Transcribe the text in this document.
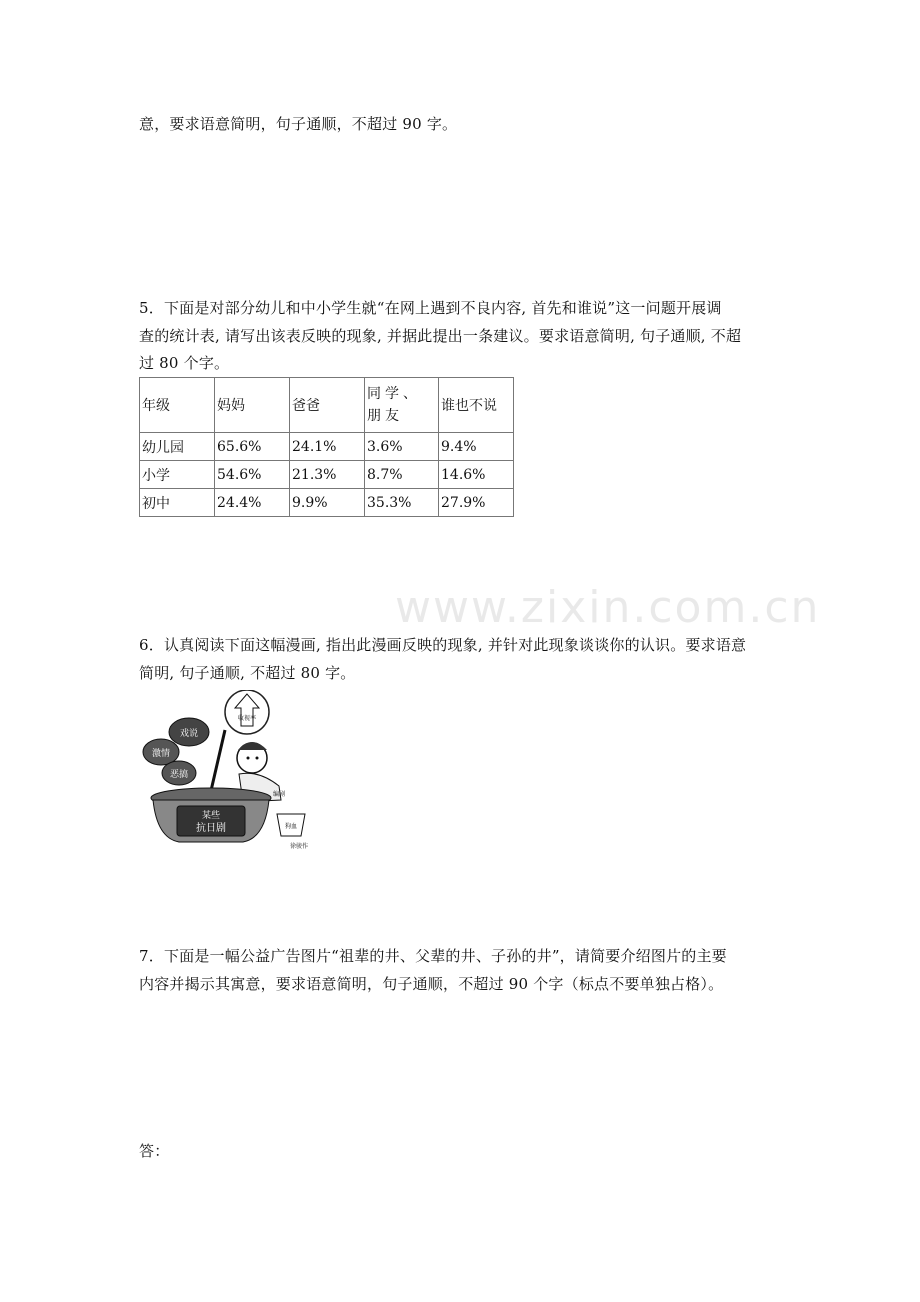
www.zixin.com.cn
意，要求语意简明，句子通顺，不超过 90 字。
5．下面是对部分幼儿和中小学生就“在网上遇到不良内容, 首先和谁说”这一问题开展调
查的统计表, 请写出该表反映的现象, 并据此提出一条建议。要求语意简明, 句子通顺, 不超
过 80 个字。
年级	妈妈	爸爸	同学、朋友	谁也不说
幼儿园	65.6%	24.1%	3.6%	9.4%
小学	54.6%	21.3%	8.7%	14.6%
初中	24.4%	9.9%	35.3%	27.9%
6．认真阅读下面这幅漫画, 指出此漫画反映的现象, 并针对此现象谈谈你的认识。要求语意
简明, 句子通顺, 不超过 80 字。
戏说
激情
恶搞
收视率
编剧
某些
抗日剧	狗血
徐骏作
7．下面是一幅公益广告图片“祖辈的井、父辈的井、子孙的井”，请简要介绍图片的主要
内容并揭示其寓意，要求语意简明，句子通顺，不超过 90 个字（标点不要单独占格）。
答：
